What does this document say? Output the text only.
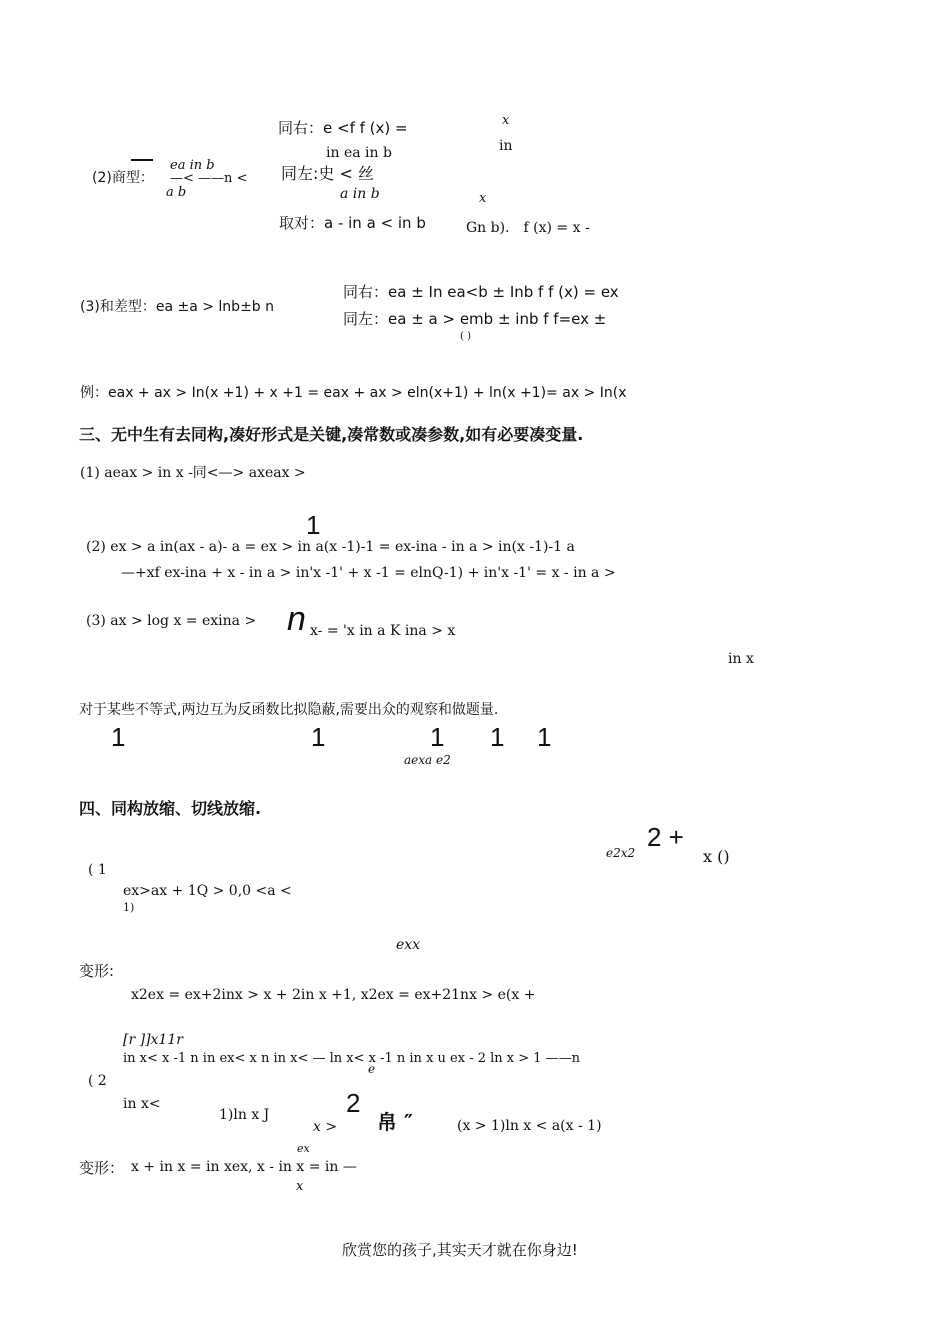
同右：e <f f (x) =	x
in
in ea in b
(2)商型：
ea in b
—< ——n <
a b
同左:史 < 丝
a in b	x
取对：a - in a < in b	Gn b)． f (x) = x -
同右：ea ± In ea<b ± Inb f f (x) = ex
(3)和差型：ea ±a > lnb±b n
同左：ea ± a > emb ± inb f f=ex ±
( )
例：eax + ax > In(x +1) + x +1 = eax + ax > eln(x+1) + ln(x +1)= ax > In(x
三、无中生有去同构,凑好形式是关键,凑常数或凑参数,如有必要凑变量.
(1) aeax > in x -同<—> axeax >
1
(2) ex > a in(ax - a)- a = ex > in a(x -1)-1 = ex-ina - in a > in(x -1)-1 a
—+xf ex-ina + x - in a > in'x -1' + x -1 = elnQ-1) + in'x -1' = x - in a >
(3) ax > log x = exina > n x- = 'x in a K ina > x
in x
对于某些不等式,两边互为反函数比拟隐蔽,需要出众的观察和做题量.
1	1	1 1 1
aexa e2
四、同构放缩、切线放缩.
e2x2
2 +
x ()
( 1
ex>ax + 1Q > 0,0 <a <
1)
exx
变形:
x2ex = ex+2inx > x + 2in x +1, x2ex = ex+21nx > e(x +
[r ]]x11r
in x< x -1 n in ex< x n in x< — ln x< x -1 n in x u ex - 2 ln x > 1 ——n
e
( 2
in x<
1)ln x J
x >
2
帛 ″	(x > 1)ln x < a(x - 1)
ex
变形： x + in x = in xex, x - in x = in —
x
欣赏您的孩子,其实天才就在你身边!
